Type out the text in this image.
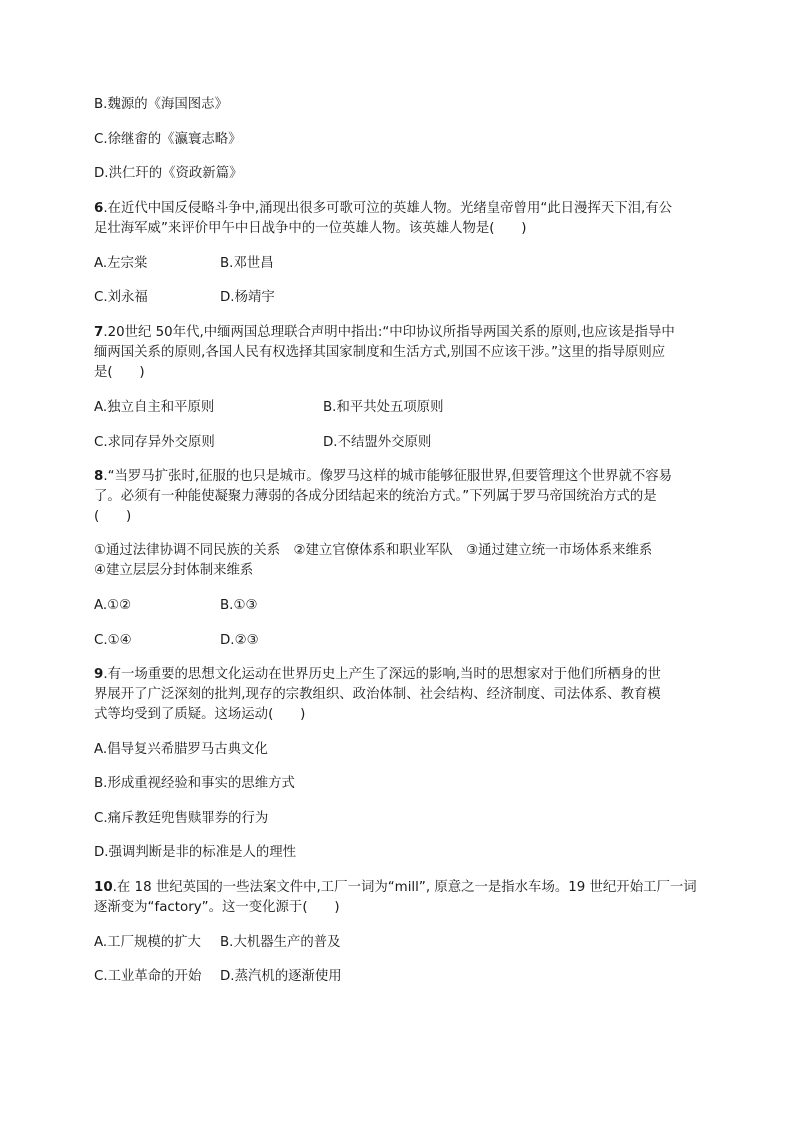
B.魏源的《海国图志》
C.徐继畬的《瀛寰志略》
D.洪仁玕的《资政新篇》
6.在近代中国反侵略斗争中,涌现出很多可歌可泣的英雄人物。光绪皇帝曾用“此日漫挥天下泪,有公
足壮海军威”来评价甲午中日战争中的一位英雄人物。该英雄人物是(　　)
A.左宗棠	B.邓世昌
C.刘永福	D.杨靖宇
7.20世纪 50年代,中缅两国总理联合声明中指出:“中印协议所指导两国关系的原则,也应该是指导中
缅两国关系的原则,各国人民有权选择其国家制度和生活方式,别国不应该干涉。”这里的指导原则应
是(　　)
A.独立自主和平原则	B.和平共处五项原则
C.求同存异外交原则	D.不结盟外交原则
8.“当罗马扩张时,征服的也只是城市。像罗马这样的城市能够征服世界,但要管理这个世界就不容易
了。必须有一种能使凝聚力薄弱的各成分团结起来的统治方式。”下列属于罗马帝国统治方式的是
(　　)
①通过法律协调不同民族的关系　②建立官僚体系和职业军队　③通过建立统一市场体系来维系
④建立层层分封体制来维系
A.①②	B.①③
C.①④	D.②③
9.有一场重要的思想文化运动在世界历史上产生了深远的影响,当时的思想家对于他们所栖身的世
界展开了广泛深刻的批判,现存的宗教组织、政治体制、社会结构、经济制度、司法体系、教育模
式等均受到了质疑。这场运动(　　)
A.倡导复兴希腊罗马古典文化
B.形成重视经验和事实的思维方式
C.痛斥教廷兜售赎罪券的行为
D.强调判断是非的标准是人的理性
10.在 18 世纪英国的一些法案文件中,工厂一词为“mill”, 原意之一是指水车场。19 世纪开始工厂一词
逐渐变为“factory”。这一变化源于(　　)
A.工厂规模的扩大 B.大机器生产的普及
C.工业革命的开始 D.蒸汽机的逐渐使用
